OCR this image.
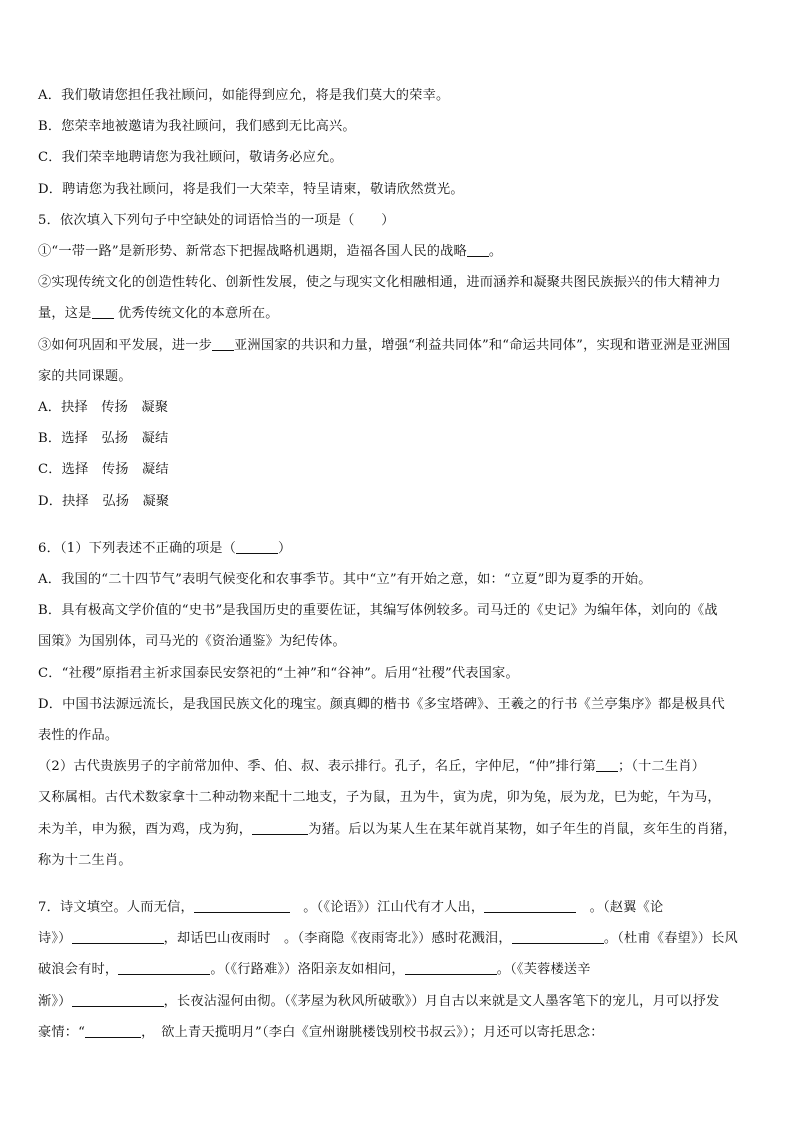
A．我们敬请您担任我社顾问，如能得到应允，将是我们莫大的荣幸。
B．您荣幸地被邀请为我社顾问，我们感到无比高兴。
C．我们荣幸地聘请您为我社顾问，敬请务必应允。
D．聘请您为我社顾问，将是我们一大荣幸，特呈请柬，敬请欣然赏光。
5．依次填入下列句子中空缺处的词语恰当的一项是（　　）
①“一带一路”是新形势、新常态下把握战略机遇期，造福各国人民的战略 。
②实现传统文化的创造性转化、创新性发展，使之与现实文化相融相通，进而涵养和凝聚共图民族振兴的伟大精神力
量，这是 优秀传统文化的本意所在。
③如何巩固和平发展，进一步 亚洲国家的共识和力量，增强“利益共同体”和“命运共同体”，实现和谐亚洲是亚洲国
家的共同课题。
A．抉择　传扬　凝聚
B．选择　弘扬　凝结
C．选择　传扬　凝结
D．抉择　弘扬　凝聚
6．（1）下列表述不正确的项是（	）
A．我国的“二十四节气”表明气候变化和农事季节。其中“立”有开始之意，如：“立夏”即为夏季的开始。
B．具有极高文学价值的“史书”是我国历史的重要佐证，其编写体例较多。司马迁的《史记》为编年体，刘向的《战
国策》为国别体，司马光的《资治通鉴》为纪传体。
C．“社稷”原指君主祈求国泰民安祭祀的“土神”和“谷神”。后用“社稷”代表国家。
D．中国书法源远流长，是我国民族文化的瑰宝。颜真卿的楷书《多宝塔碑》、王羲之的行书《兰亭集序》都是极具代
表性的作品。
（2）古代贵族男子的字前常加仲、季、伯、叔、表示排行。孔子，名丘，字仲尼，“仲”排行第 ；（十二生肖）
又称属相。古代术数家拿十二种动物来配十二地支，子为鼠，丑为牛，寅为虎，卯为兔，辰为龙，巳为蛇，午为马，
未为羊，申为猴，酉为鸡，戌为狗，	为猪。后以为某人生在某年就肖某物，如子年生的肖鼠，亥年生的肖猪，
称为十二生肖。
7．诗文填空。人而无信，	　。（《论语》）江山代有才人出，	　。（赵翼《论
诗》）	，却话巴山夜雨时　。（李商隐《夜雨寄北》）感时花溅泪，	。（杜甫《春望》）长风
破浪会有时，	。（《行路难》）洛阳亲友如相问，	。（《芙蓉楼送辛
渐》）	，长夜沾湿何由彻。（《茅屋为秋风所破歌》）月自古以来就是文人墨客笔下的宠儿，月可以抒发
豪情：“	，　欲上青天揽明月”（李白《宣州谢朓楼饯别校书叔云》）；月还可以寄托思念：
